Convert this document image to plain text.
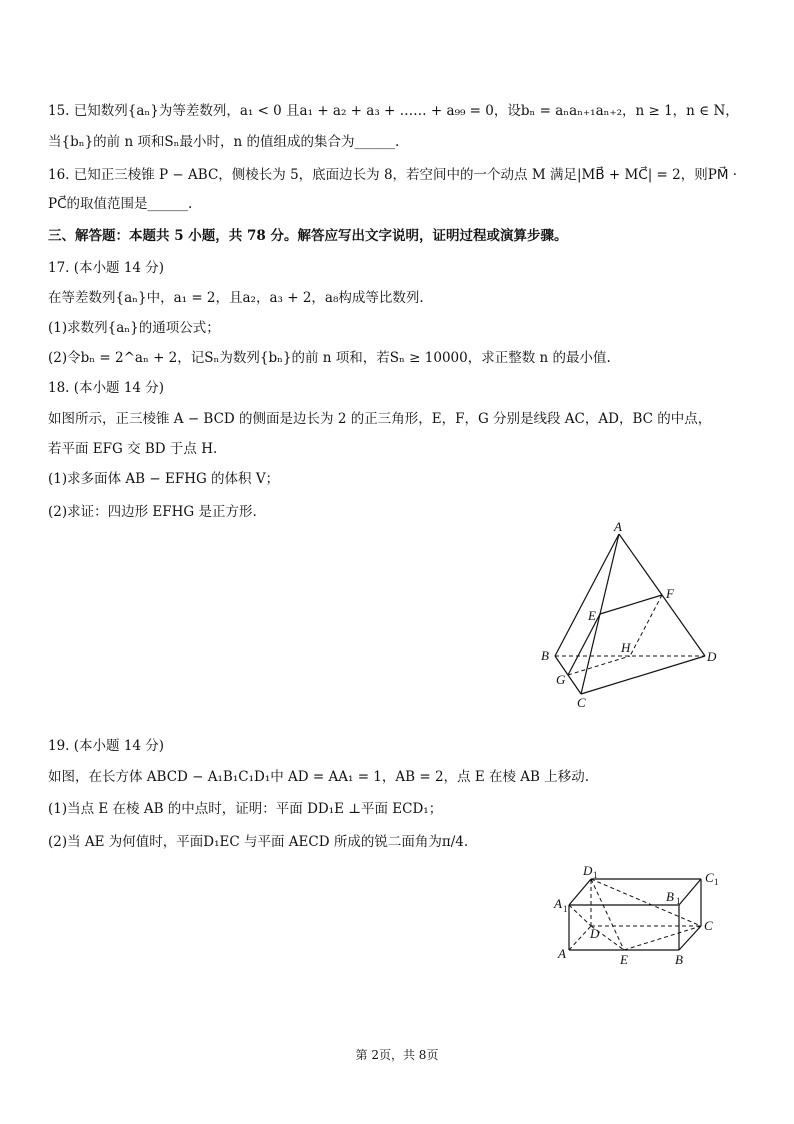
15. 已知数列{aₙ}为等差数列，a₁ < 0 且a₁ + a₂ + a₃ + …… + a₉₉ = 0，设bₙ = aₙaₙ₊₁aₙ₊₂，n ≥ 1，n ∈ N，
当{bₙ}的前 n 项和Sₙ最小时，n 的值组成的集合为______.
16. 已知正三棱锥 P − ABC，侧棱长为 5，底面边长为 8，若空间中的一个动点 M 满足|MB⃗ + MC⃗| = 2，则PM⃗ ·
PC⃗的取值范围是______.
三、解答题：本题共 5 小题，共 78 分。解答应写出文字说明，证明过程或演算步骤。
17. (本小题 14 分)
在等差数列{aₙ}中，a₁ = 2，且a₂，a₃ + 2，a₈构成等比数列.
(1)求数列{aₙ}的通项公式；
(2)令bₙ = 2^aₙ + 2，记Sₙ为数列{bₙ}的前 n 项和，若Sₙ ≥ 10000，求正整数 n 的最小值.
18. (本小题 14 分)
如图所示，正三棱锥 A − BCD 的侧面是边长为 2 的正三角形，E，F，G 分别是线段 AC，AD，BC 的中点，
若平面 EFG 交 BD 于点 H.
(1)求多面体 AB − EFHG 的体积 V；
(2)求证：四边形 EFHG 是正方形.
19. (本小题 14 分)
如图，在长方体 ABCD − A₁B₁C₁D₁中 AD = AA₁ = 1，AB = 2，点 E 在棱 AB 上移动.
(1)当点 E 在棱 AB 的中点时，证明：平面 DD₁E ⊥平面 ECD₁；
(2)当 AE 为何值时，平面D₁EC 与平面 AECD 所成的锐二面角为π/4.
A
B
C
D
E
F
G
H
D 1	C 1
B 1
A 1
D
C
A	E	B
第 2页，共 8页
